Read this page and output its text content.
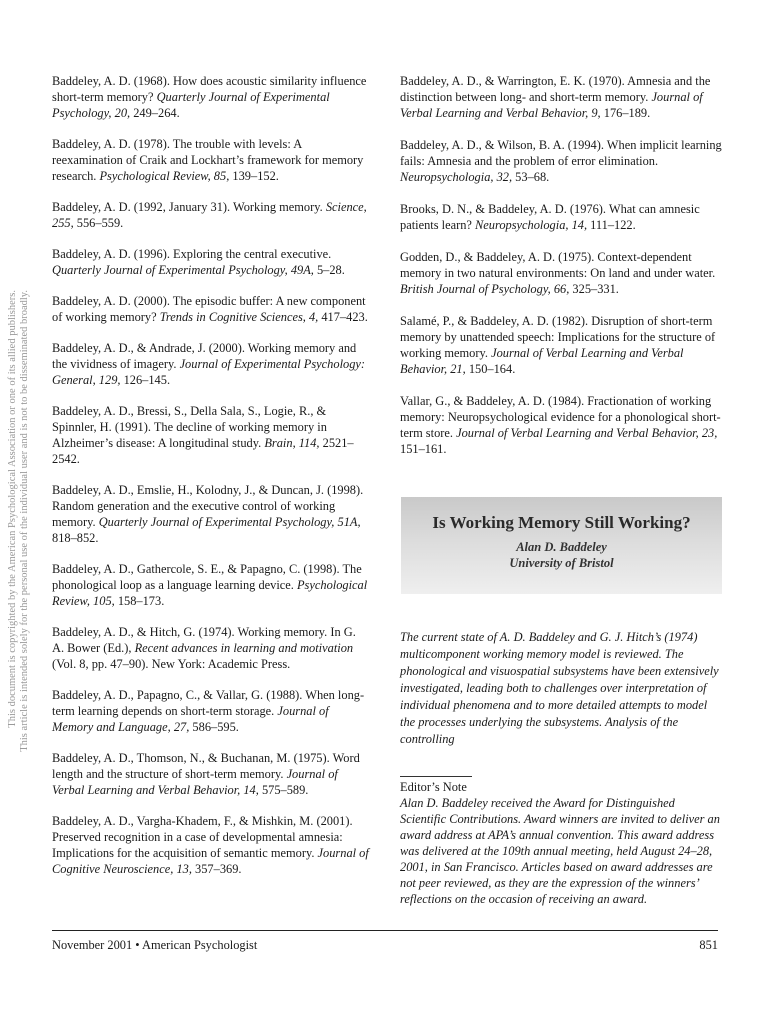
This document is copyrighted by the American Psychological Association or one of its allied publishers. This article is intended solely for the personal use of the individual user and is not to be disseminated broadly.

Baddeley, A. D. (1968). How does acoustic similarity influence short-term memory? Quarterly Journal of Experimental Psychology, 20, 249–264.

Baddeley, A. D. (1978). The trouble with levels: A reexamination of Craik and Lockhart’s framework for memory research. Psychological Review, 85, 139–152.

Baddeley, A. D. (1992, January 31). Working memory. Science, 255, 556–559.

Baddeley, A. D. (1996). Exploring the central executive. Quarterly Journal of Experimental Psychology, 49A, 5–28.

Baddeley, A. D. (2000). The episodic buffer: A new component of working memory? Trends in Cognitive Sciences, 4, 417–423.

Baddeley, A. D., & Andrade, J. (2000). Working memory and the vividness of imagery. Journal of Experimental Psychology: General, 129, 126–145.

Baddeley, A. D., Bressi, S., Della Sala, S., Logie, R., & Spinnler, H. (1991). The decline of working memory in Alzheimer’s disease: A longitudinal study. Brain, 114, 2521–2542.

Baddeley, A. D., Emslie, H., Kolodny, J., & Duncan, J. (1998). Random generation and the executive control of working memory. Quarterly Journal of Experimental Psychology, 51A, 818–852.

Baddeley, A. D., Gathercole, S. E., & Papagno, C. (1998). The phonological loop as a language learning device. Psychological Review, 105, 158–173.

Baddeley, A. D., & Hitch, G. (1974). Working memory. In G. A. Bower (Ed.), Recent advances in learning and motivation (Vol. 8, pp. 47–90). New York: Academic Press.

Baddeley, A. D., Papagno, C., & Vallar, G. (1988). When long-term learning depends on short-term storage. Journal of Memory and Language, 27, 586–595.

Baddeley, A. D., Thomson, N., & Buchanan, M. (1975). Word length and the structure of short-term memory. Journal of Verbal Learning and Verbal Behavior, 14, 575–589.

Baddeley, A. D., Vargha-Khadem, F., & Mishkin, M. (2001). Preserved recognition in a case of developmental amnesia: Implications for the acquisition of semantic memory. Journal of Cognitive Neuroscience, 13, 357–369.

Baddeley, A. D., & Warrington, E. K. (1970). Amnesia and the distinction between long- and short-term memory. Journal of Verbal Learning and Verbal Behavior, 9, 176–189.

Baddeley, A. D., & Wilson, B. A. (1994). When implicit learning fails: Amnesia and the problem of error elimination. Neuropsychologia, 32, 53–68.

Brooks, D. N., & Baddeley, A. D. (1976). What can amnesic patients learn? Neuropsychologia, 14, 111–122.

Godden, D., & Baddeley, A. D. (1975). Context-dependent memory in two natural environments: On land and under water. British Journal of Psychology, 66, 325–331.

Salamé, P., & Baddeley, A. D. (1982). Disruption of short-term memory by unattended speech: Implications for the structure of working memory. Journal of Verbal Learning and Verbal Behavior, 21, 150–164.

Vallar, G., & Baddeley, A. D. (1984). Fractionation of working memory: Neuropsychological evidence for a phonological short-term store. Journal of Verbal Learning and Verbal Behavior, 23, 151–161.

Is Working Memory Still Working?
Alan D. Baddeley
University of Bristol
The current state of A. D. Baddeley and G. J. Hitch’s (1974) multicomponent working memory model is reviewed. The phonological and visuospatial subsystems have been extensively investigated, leading both to challenges over interpretation of individual phenomena and to more detailed attempts to model the processes underlying the subsystems. Analysis of the controlling
Editor’s Note
Alan D. Baddeley received the Award for Distinguished Scientific Contributions. Award winners are invited to deliver an award address at APA’s annual convention. This award address was delivered at the 109th annual meeting, held August 24–28, 2001, in San Francisco. Articles based on award addresses are not peer reviewed, as they are the expression of the winners’ reflections on the occasion of receiving an award.
November 2001 • American Psychologist	851
